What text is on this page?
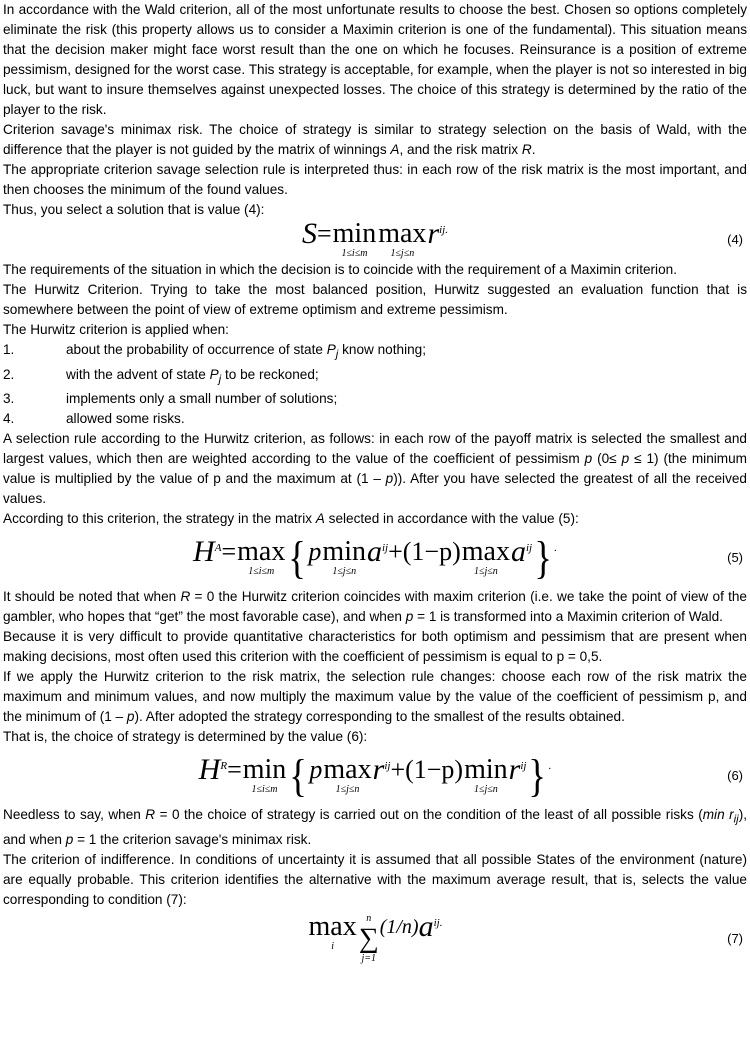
In accordance with the Wald criterion, all of the most unfortunate results to choose the best. Chosen so options completely eliminate the risk (this property allows us to consider a Maximin criterion is one of the fundamental). This situation means that the decision maker might face worst result than the one on which he focuses. Reinsurance is a position of extreme pessimism, designed for the worst case. This strategy is acceptable, for example, when the player is not so interested in big luck, but want to insure themselves against unexpected losses. The choice of this strategy is determined by the ratio of the player to the risk.

Criterion savage's minimax risk. The choice of strategy is similar to strategy selection on the basis of Wald, with the difference that the player is not guided by the matrix of winnings A, and the risk matrix R.

The appropriate criterion savage selection rule is interpreted thus: in each row of the risk matrix is the most important, and then chooses the minimum of the found values.

Thus, you select a solution that is value (4):

S = min
1≤i≤m
max
1≤j≤n
r ij .
(4)

The requirements of the situation in which the decision is to coincide with the requirement of a Maximin criterion.

The Hurwitz Criterion. Trying to take the most balanced position, Hurwitz suggested an evaluation function that is somewhere between the point of view of extreme optimism and extreme pessimism.

The Hurwitz criterion is applied when:

1.	about the probability of occurrence of state $P_j$ know nothing;
2.	with the advent of state $P_j$ to be reckoned;
3.	implements only a small number of solutions;
4.	allowed some risks.

A selection rule according to the Hurwitz criterion, as follows: in each row of the payoff matrix is selected the smallest and largest values, which then are weighted according to the value of the coefficient of pessimism p (0≤ p ≤ 1) (the minimum value is multiplied by the value of p and the maximum at (1 – p)). After you have selected the greatest of all the received values.

According to this criterion, the strategy in the matrix A selected in accordance with the value (5):

H A = max
1≤i≤m { p min
1≤j≤n
a ij +(1−p) max
1≤j≤n
a ij } .
(5)

It should be noted that when R = 0 the Hurwitz criterion coincides with maxim criterion (i.e. we take the point of view of the gambler, who hopes that “get” the most favorable case), and when p = 1 is transformed into a Maximin criterion of Wald.

Because it is very difficult to provide quantitative characteristics for both optimism and pessimism that are present when making decisions, most often used this criterion with the coefficient of pessimism is equal to p = 0,5.

If we apply the Hurwitz criterion to the risk matrix, the selection rule changes: choose each row of the risk matrix the maximum and minimum values, and now multiply the maximum value by the value of the coefficient of pessimism p, and the minimum of (1 – p). After adopted the strategy corresponding to the smallest of the results obtained.

That is, the choice of strategy is determined by the value (6):

H R = min
1≤i≤m { p max
1≤j≤n
r ij +(1−p) min
1≤j≤n
r ij } .
(6)

Needless to say, when R = 0 the choice of strategy is carried out on the condition of the least of all possible risks (min $r_{ij}$), and when p = 1 the criterion savage's minimax risk.

The criterion of indifference. In conditions of uncertainty it is assumed that all possible States of the environment (nature) are equally probable. This criterion identifies the alternative with the maximum average result, that is, selects the value corresponding to condition (7):

max
i
n
∑
j=1
(1/n) a ij .
(7)
